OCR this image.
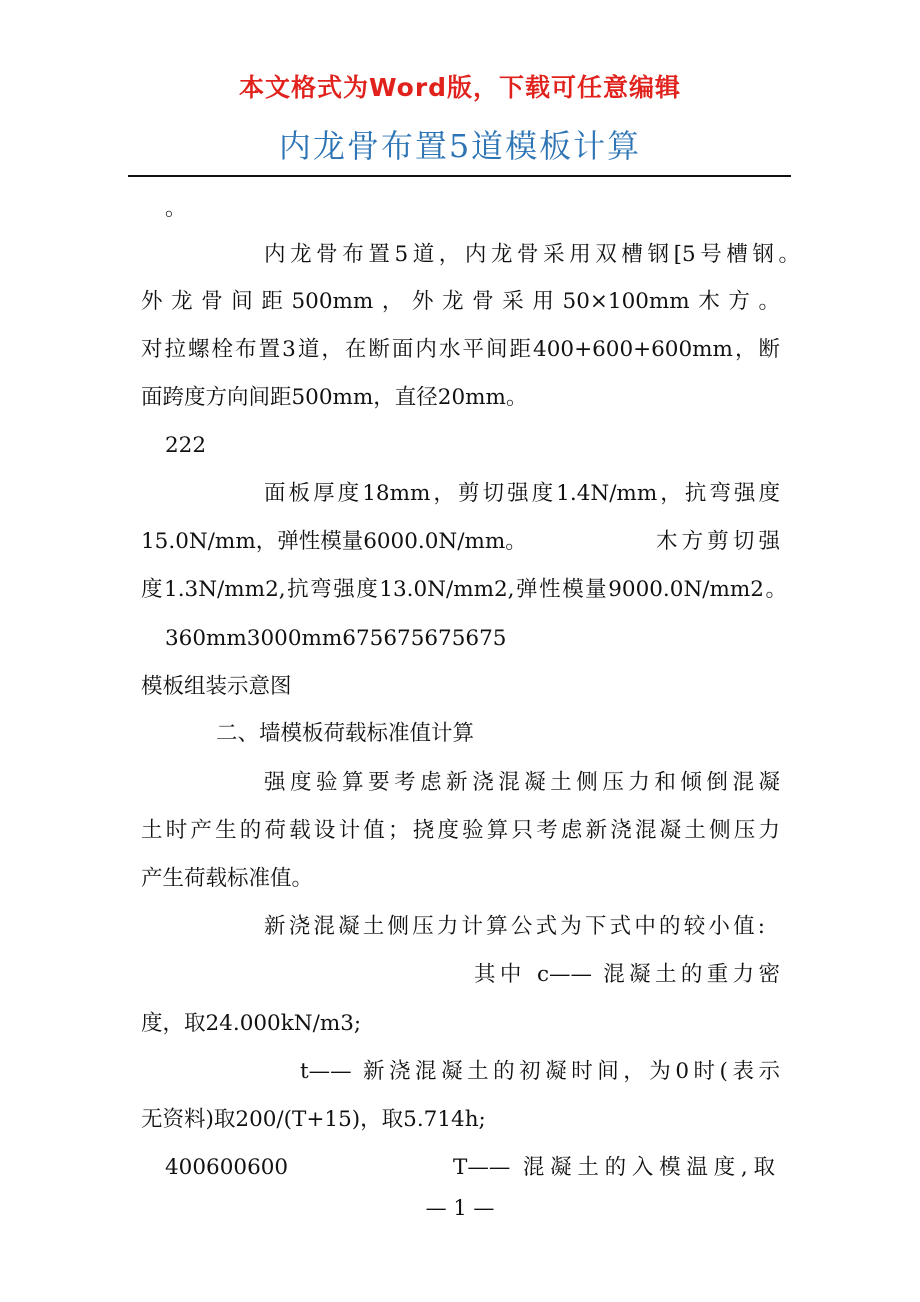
本文格式为Word版，下载可任意编辑
内龙骨布置5道模板计算
。
内龙骨布置5道，内龙骨采用双槽钢[5号槽钢。
外龙骨间距500mm，外龙骨采用50×100mm木方。
对拉螺栓布置3道，在断面内水平间距400+600+600mm，断
面跨度方向间距500mm，直径20mm。
222
面板厚度18mm，剪切强度1.4N/mm，抗弯强度
15.0N/mm，弹性模量6000.0N/mm。	木方剪切强
度1.3N/mm2,抗弯强度13.0N/mm2,弹性模量9000.0N/mm2。
360mm3000mm675675675675
模板组装示意图
二、墙模板荷载标准值计算
强度验算要考虑新浇混凝土侧压力和倾倒混凝
土时产生的荷载设计值；挠度验算只考虑新浇混凝土侧压力
产生荷载标准值。
新浇混凝土侧压力计算公式为下式中的较小值:
其中 c—— 混凝土的重力密
度，取24.000kN/m3;
t—— 新浇混凝土的初凝时间，为0时(表示
无资料)取200/(T+15)，取5.714h;
400600600	T—— 混凝土的入模温度,取
— 1 —
